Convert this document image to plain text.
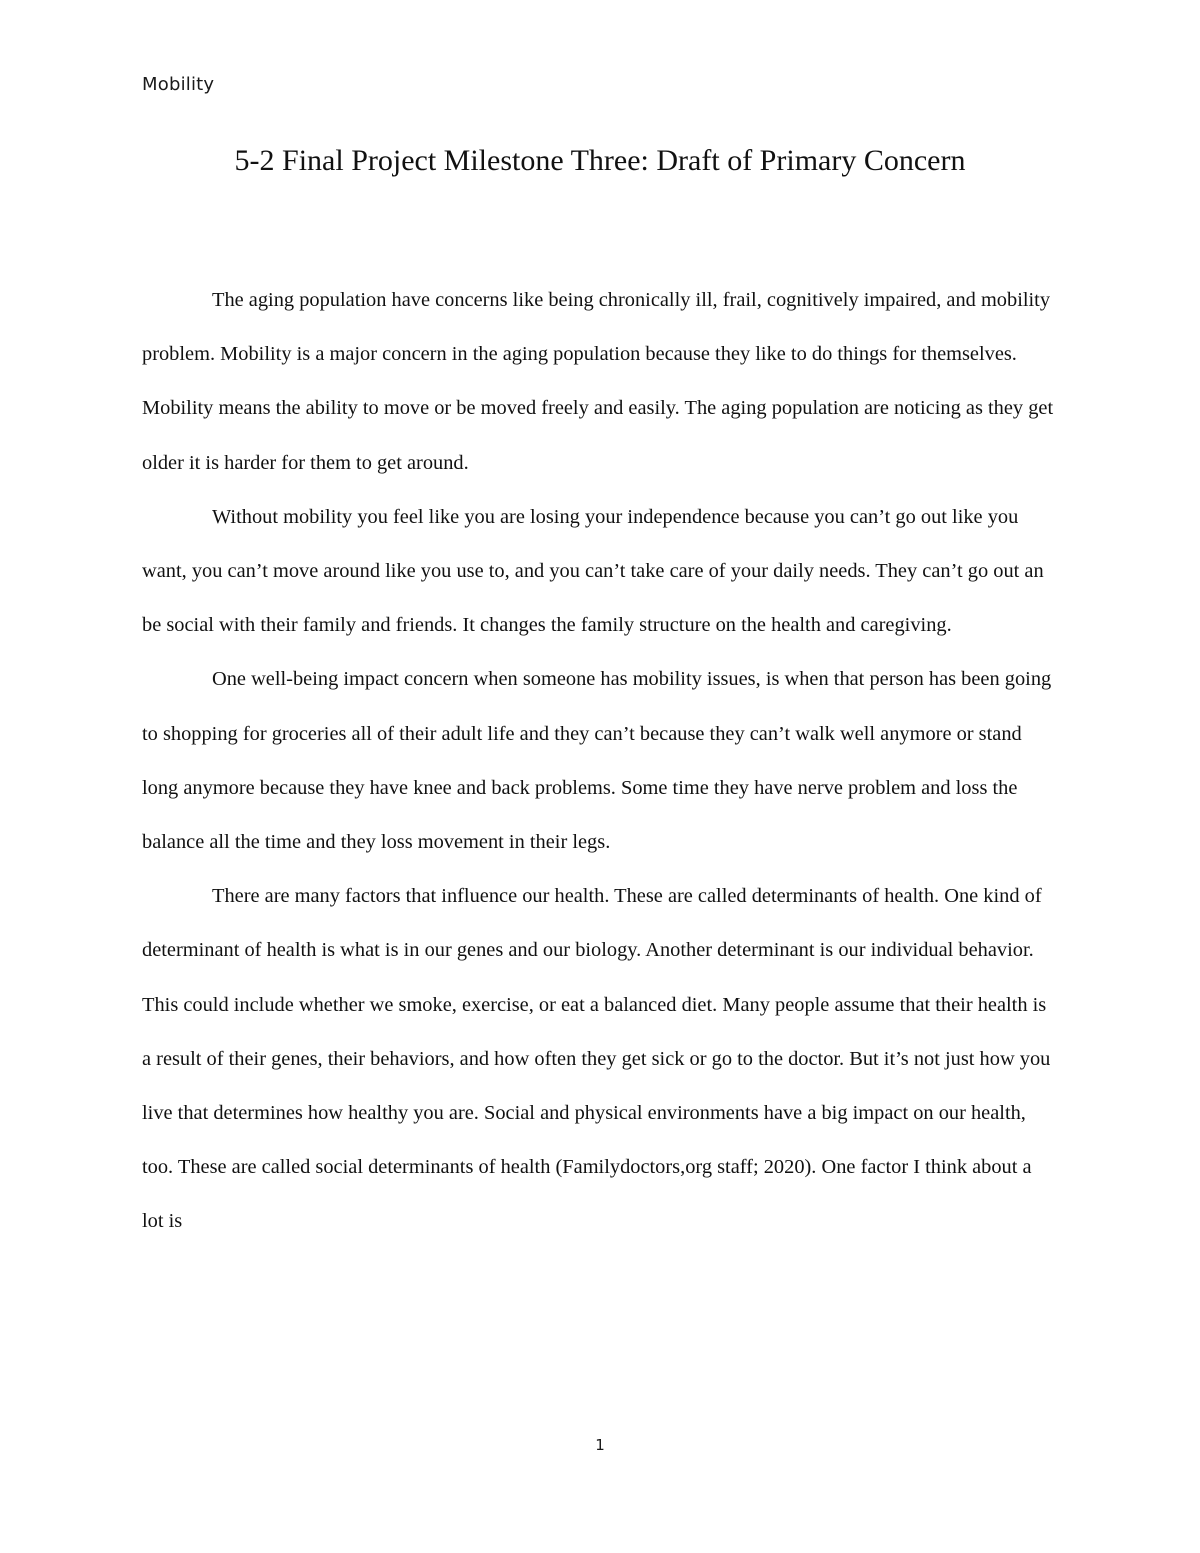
Mobility
5-2 Final Project Milestone Three: Draft of Primary Concern

The aging population have concerns like being chronically ill, frail, cognitively impaired, and mobility problem. Mobility is a major concern in the aging population because they like to do things for themselves. Mobility means the ability to move or be moved freely and easily. The aging population are noticing as they get older it is harder for them to get around.

Without mobility you feel like you are losing your independence because you can’t go out like you want, you can’t move around like you use to, and you can’t take care of your daily needs. They can’t go out an be social with their family and friends. It changes the family structure on the health and caregiving.

One well-being impact concern when someone has mobility issues, is when that person has been going to shopping for groceries all of their adult life and they can’t because they can’t walk well anymore or stand long anymore because they have knee and back problems. Some time they have nerve problem and loss the balance all the time and they loss movement in their legs.

There are many factors that influence our health. These are called determinants of health. One kind of determinant of health is what is in our genes and our biology. Another determinant is our individual behavior. This could include whether we smoke, exercise, or eat a balanced diet. Many people assume that their health is a result of their genes, their behaviors, and how often they get sick or go to the doctor. But it’s not just how you live that determines how healthy you are. Social and physical environments have a big impact on our health, too. These are called social determinants of health (Familydoctors,org staff; 2020). One factor I think about a lot is

1
